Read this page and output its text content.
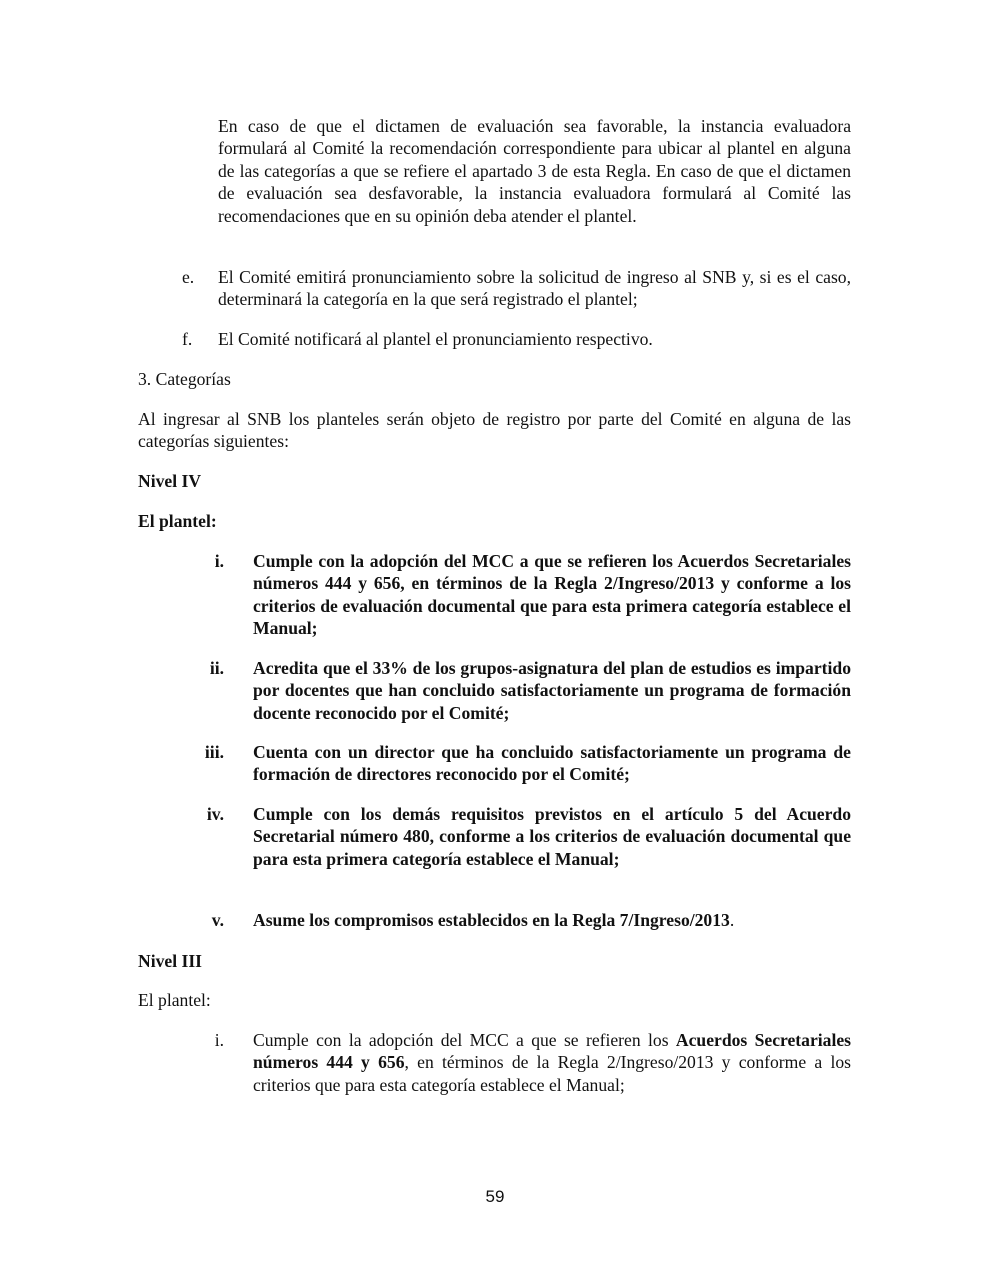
En caso de que el dictamen de evaluación sea favorable, la instancia evaluadora formulará al Comité la recomendación correspondiente para ubicar al plantel en alguna de las categorías a que se refiere el apartado 3 de esta Regla. En caso de que el dictamen de evaluación sea desfavorable, la instancia evaluadora formulará al Comité las recomendaciones que en su opinión deba atender el plantel.

e. El Comité emitirá pronunciamiento sobre la solicitud de ingreso al SNB y, si es el caso, determinará la categoría en la que será registrado el plantel;

f. El Comité notificará al plantel el pronunciamiento respectivo.

3. Categorías

Al ingresar al SNB los planteles serán objeto de registro por parte del Comité en alguna de las categorías siguientes:

Nivel IV

El plantel:

i. Cumple con la adopción del MCC a que se refieren los Acuerdos Secretariales números 444 y 656, en términos de la Regla 2/Ingreso/2013 y conforme a los criterios de evaluación documental que para esta primera categoría establece el Manual;

ii. Acredita que el 33% de los grupos-asignatura del plan de estudios es impartido por docentes que han concluido satisfactoriamente un programa de formación docente reconocido por el Comité;

iii. Cuenta con un director que ha concluido satisfactoriamente un programa de formación de directores reconocido por el Comité;

iv. Cumple con los demás requisitos previstos en el artículo 5 del Acuerdo Secretarial número 480, conforme a los criterios de evaluación documental que para esta primera categoría establece el Manual;

v. Asume los compromisos establecidos en la Regla 7/Ingreso/2013.

Nivel III

El plantel:

i. Cumple con la adopción del MCC a que se refieren los Acuerdos Secretariales números 444 y 656, en términos de la Regla 2/Ingreso/2013 y conforme a los criterios que para esta categoría establece el Manual;

59
